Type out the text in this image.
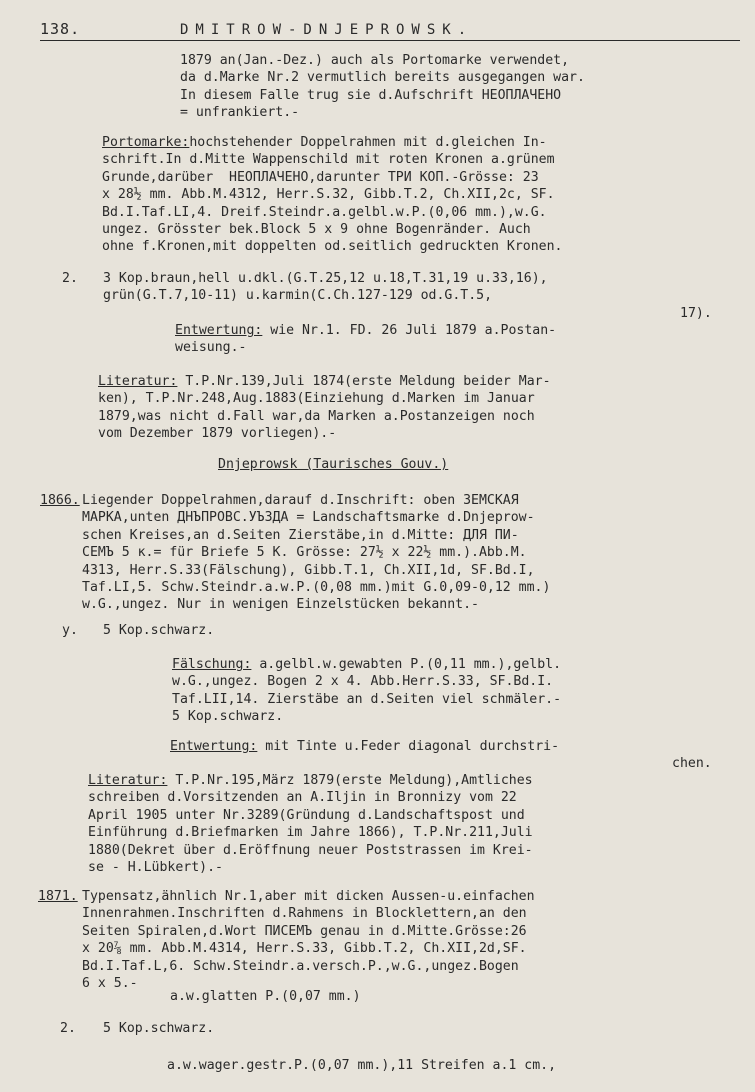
138.	DMITROW-DNJEPROWSK.
1879 an(Jan.-Dez.) auch als Portomarke verwendet,
da d.Marke Nr.2 vermutlich bereits ausgegangen war.
In diesem Falle trug sie d.Aufschrift НЕОПЛАЧЕНО
= unfrankiert.-
Portomarke:hochstehender Doppelrahmen mit d.gleichen In-
schrift.In d.Mitte Wappenschild mit roten Kronen a.grünem
Grunde,darüber  НЕОПЛАЧЕНО,darunter ТРИ КОП.-Grösse: 23
x 28½ mm. Abb.M.4312, Herr.S.32, Gibb.T.2, Ch.XII,2c, SF.
Bd.I.Taf.LI,4. Dreif.Steindr.a.gelbl.w.P.(0,06 mm.),w.G.
ungez. Grösster bek.Block 5 x 9 ohne Bogenränder. Auch
ohne f.Kronen,mit doppelten od.seitlich gedruckten Kronen.
2. 3 Kop.braun,hell u.dkl.(G.T.25,12 u.18,T.31,19 u.33,16),
grün(G.T.7,10-11) u.karmin(C.Ch.127-129 od.G.T.5,
17).
Entwertung: wie Nr.1. FD. 26 Juli 1879 a.Postan-
weisung.-
Literatur: T.P.Nr.139,Juli 1874(erste Meldung beider Mar-
ken), T.P.Nr.248,Aug.1883(Einziehung d.Marken im Januar
1879,was nicht d.Fall war,da Marken a.Postanzeigen noch
vom Dezember 1879 vorliegen).-
Dnjeprowsk (Taurisches Gouv.)
1866. Liegender Doppelrahmen,darauf d.Inschrift: oben ЗЕМСКАЯ
МАРКА,unten ДНЪПРОВС.УЪЗДА = Landschaftsmarke d.Dnjeprow-
schen Kreises,an d.Seiten Zierstäbe,in d.Mitte: ДЛЯ ПИ-
СЕМЪ 5 к.= für Briefe 5 K. Grösse: 27½ x 22½ mm.).Abb.M.
4313, Herr.S.33(Fälschung), Gibb.T.1, Ch.XII,1d, SF.Bd.I,
Taf.LI,5. Schw.Steindr.a.w.P.(0,08 mm.)mit G.0,09-0,12 mm.)
w.G.,ungez. Nur in wenigen Einzelstücken bekannt.-
y. 5 Kop.schwarz.
Fälschung: a.gelbl.w.gewabten P.(0,11 mm.),gelbl.
w.G.,ungez. Bogen 2 x 4. Abb.Herr.S.33, SF.Bd.I.
Taf.LII,14. Zierstäbe an d.Seiten viel schmäler.-
5 Kop.schwarz.
Entwertung: mit Tinte u.Feder diagonal durchstri-
chen.
Literatur: T.P.Nr.195,März 1879(erste Meldung),Amtliches
schreiben d.Vorsitzenden an A.Iljin in Bronnizy vom 22
April 1905 unter Nr.3289(Gründung d.Landschaftspost und
Einführung d.Briefmarken im Jahre 1866), T.P.Nr.211,Juli
1880(Dekret über d.Eröffnung neuer Poststrassen im Krei-
se - H.Lübkert).-
1871. Typensatz,ähnlich Nr.1,aber mit dicken Aussen-u.einfachen
Innenrahmen.Inschriften d.Rahmens in Blocklettern,an den
Seiten Spiralen,d.Wort ПИСЕМЪ genau in d.Mitte.Grösse:26
x 20⅞ mm. Abb.M.4314, Herr.S.33, Gibb.T.2, Ch.XII,2d,SF.
Bd.I.Taf.L,6. Schw.Steindr.a.versch.P.,w.G.,ungez.Bogen
6 x 5.-
a.w.glatten P.(0,07 mm.)
2. 5 Kop.schwarz.
a.w.wager.gestr.P.(0,07 mm.),11 Streifen a.1 cm.,
